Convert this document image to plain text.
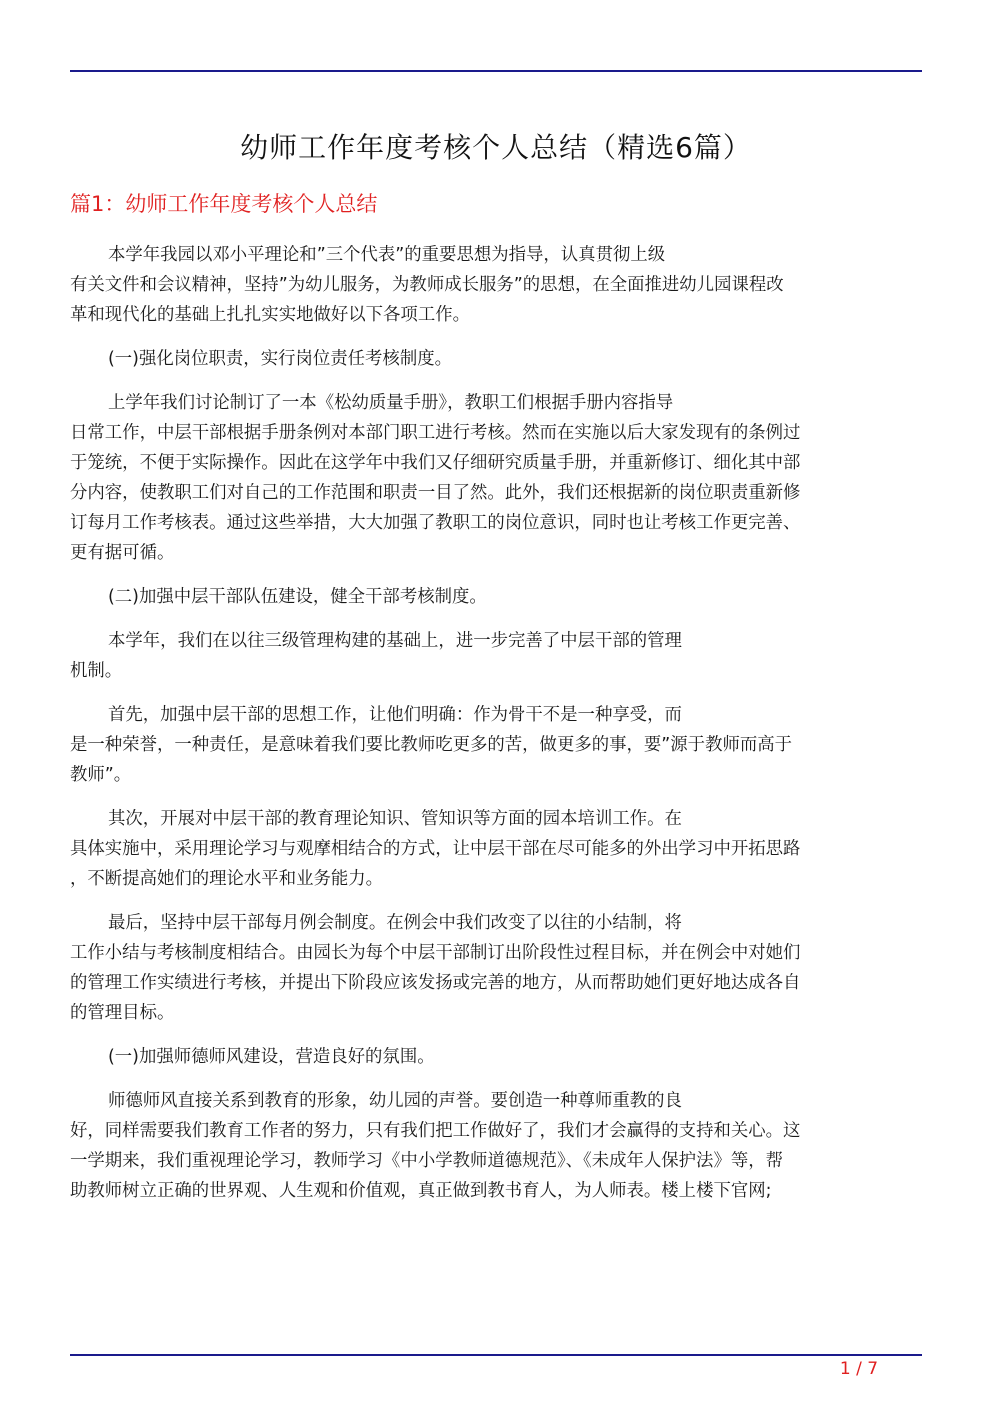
幼师工作年度考核个人总结（精选6篇）
篇1：幼师工作年度考核个人总结

本学年我园以邓小平理论和”三个代表”的重要思想为指导，认真贯彻上级
有关文件和会议精神，坚持”为幼儿服务，为教师成长服务”的思想，在全面推进幼儿园课程改
革和现代化的基础上扎扎实实地做好以下各项工作。

(一)强化岗位职责，实行岗位责任考核制度。

上学年我们讨论制订了一本《松幼质量手册》，教职工们根据手册内容指导
日常工作，中层干部根据手册条例对本部门职工进行考核。然而在实施以后大家发现有的条例过
于笼统，不便于实际操作。因此在这学年中我们又仔细研究质量手册，并重新修订、细化其中部
分内容，使教职工们对自己的工作范围和职责一目了然。此外，我们还根据新的岗位职责重新修
订每月工作考核表。通过这些举措，大大加强了教职工的岗位意识，同时也让考核工作更完善、
更有据可循。

(二)加强中层干部队伍建设，健全干部考核制度。

本学年，我们在以往三级管理构建的基础上，进一步完善了中层干部的管理
机制。

首先，加强中层干部的思想工作，让他们明确：作为骨干不是一种享受，而
是一种荣誉，一种责任，是意味着我们要比教师吃更多的苦，做更多的事，要”源于教师而高于
教师”。

其次，开展对中层干部的教育理论知识、管知识等方面的园本培训工作。在
具体实施中，采用理论学习与观摩相结合的方式，让中层干部在尽可能多的外出学习中开拓思路
，不断提高她们的理论水平和业务能力。

最后，坚持中层干部每月例会制度。在例会中我们改变了以往的小结制，将
工作小结与考核制度相结合。由园长为每个中层干部制订出阶段性过程目标，并在例会中对她们
的管理工作实绩进行考核，并提出下阶段应该发扬或完善的地方，从而帮助她们更好地达成各自
的管理目标。

(一)加强师德师风建设，营造良好的氛围。

师德师风直接关系到教育的形象，幼儿园的声誉。要创造一种尊师重教的良
好，同样需要我们教育工作者的努力，只有我们把工作做好了，我们才会赢得的支持和关心。这
一学期来，我们重视理论学习，教师学习《中小学教师道德规范》、《未成年人保护法》等，帮
助教师树立正确的世界观、人生观和价值观，真正做到教书育人，为人师表。楼上楼下官网;

1 / 7
